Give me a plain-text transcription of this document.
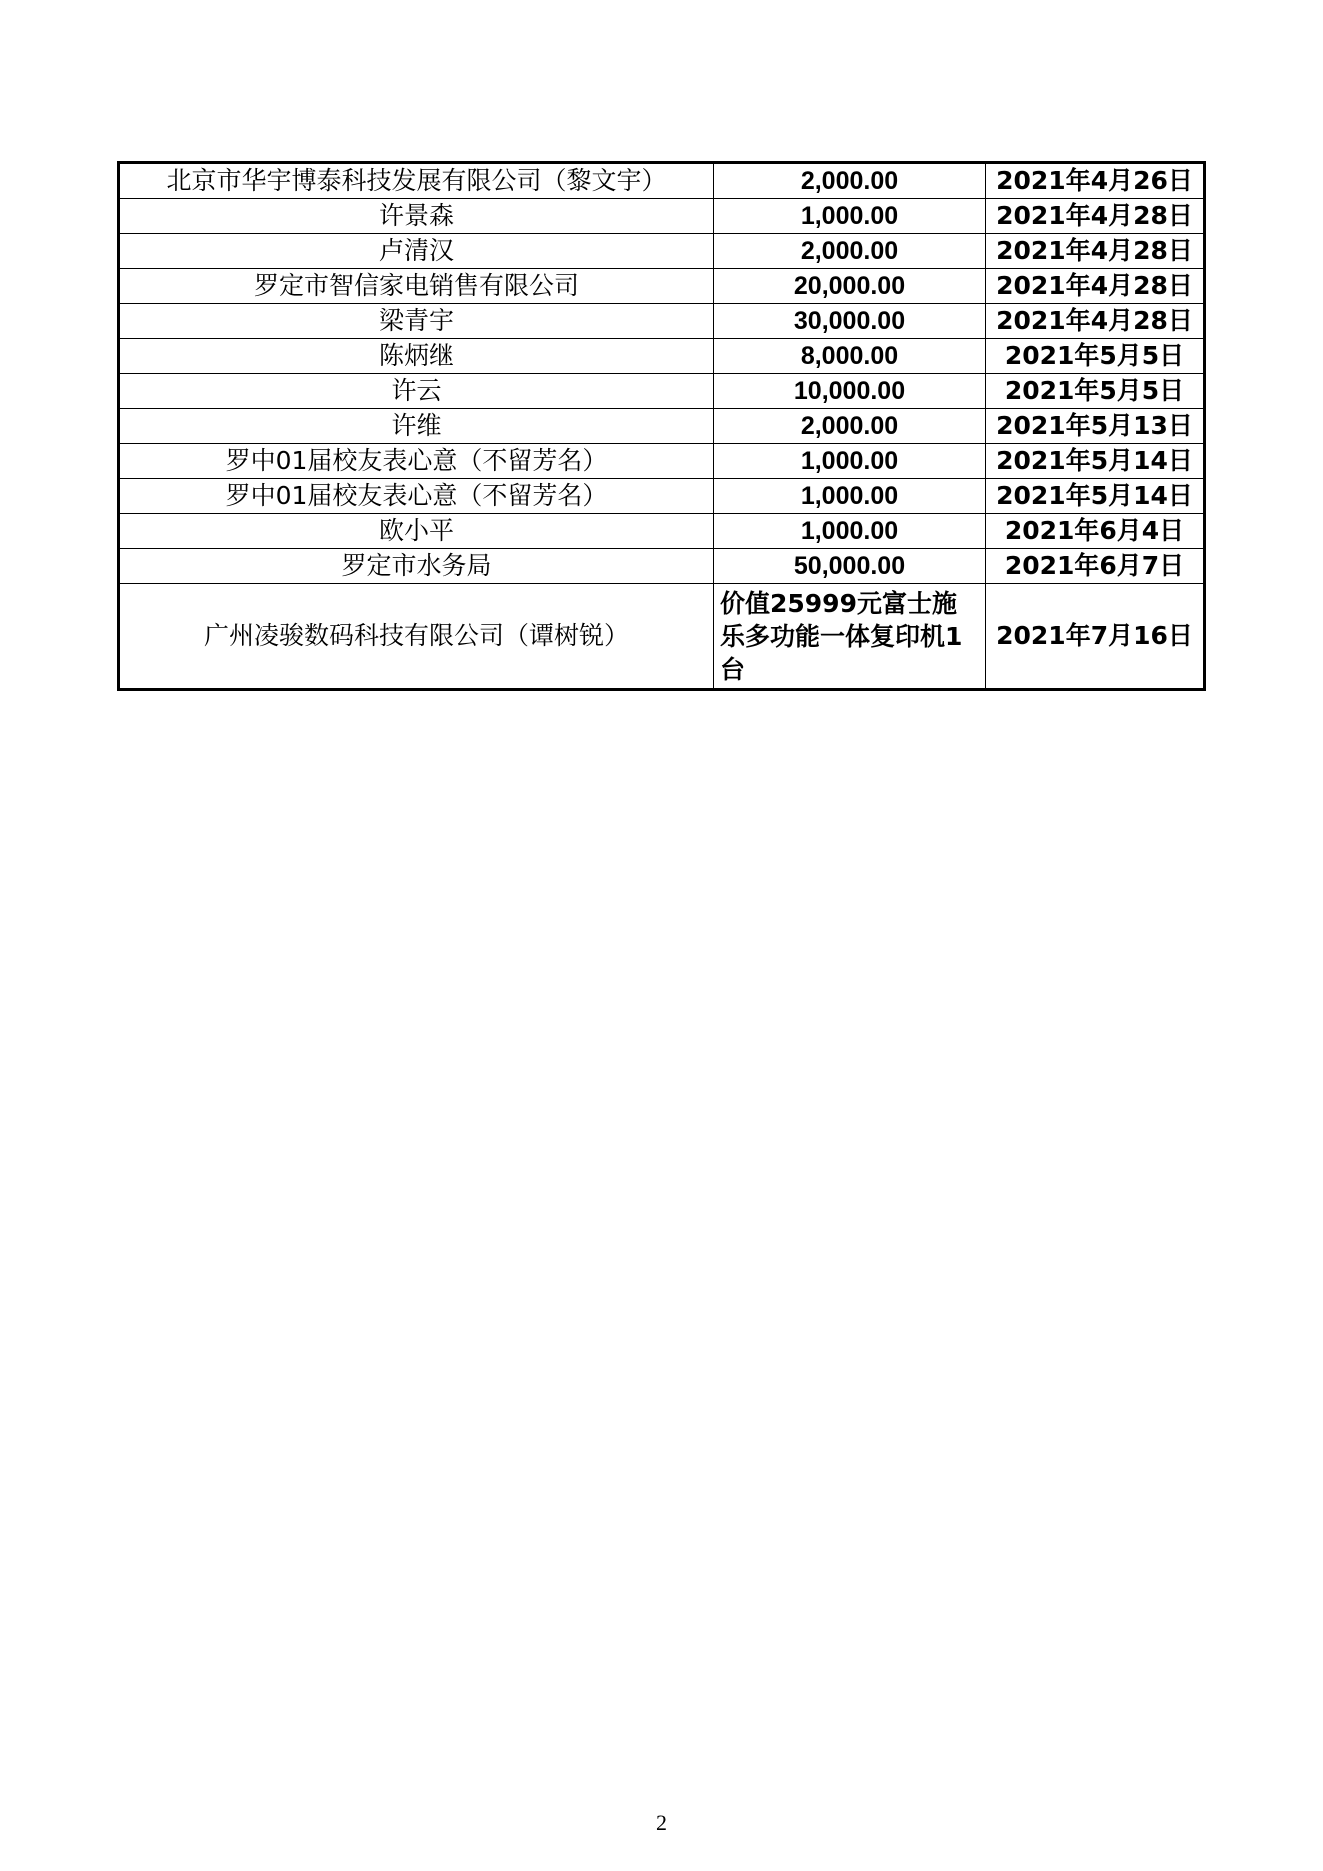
北京市华宇博泰科技发展有限公司（黎文宇）	2,000.00	2021年4月26日
许景森	1,000.00	2021年4月28日
卢清汉	2,000.00	2021年4月28日
罗定市智信家电销售有限公司	20,000.00	2021年4月28日
梁青宇	30,000.00	2021年4月28日
陈炳继	8,000.00	2021年5月5日
许云	10,000.00	2021年5月5日
许维	2,000.00	2021年5月13日
罗中01届校友表心意（不留芳名）	1,000.00	2021年5月14日
罗中01届校友表心意（不留芳名）	1,000.00	2021年5月14日
欧小平	1,000.00	2021年6月4日
罗定市水务局	50,000.00	2021年6月7日
广州凌骏数码科技有限公司（谭树锐）	价值25999元富士施乐多功能一体复印机1台	2021年7月16日
2
